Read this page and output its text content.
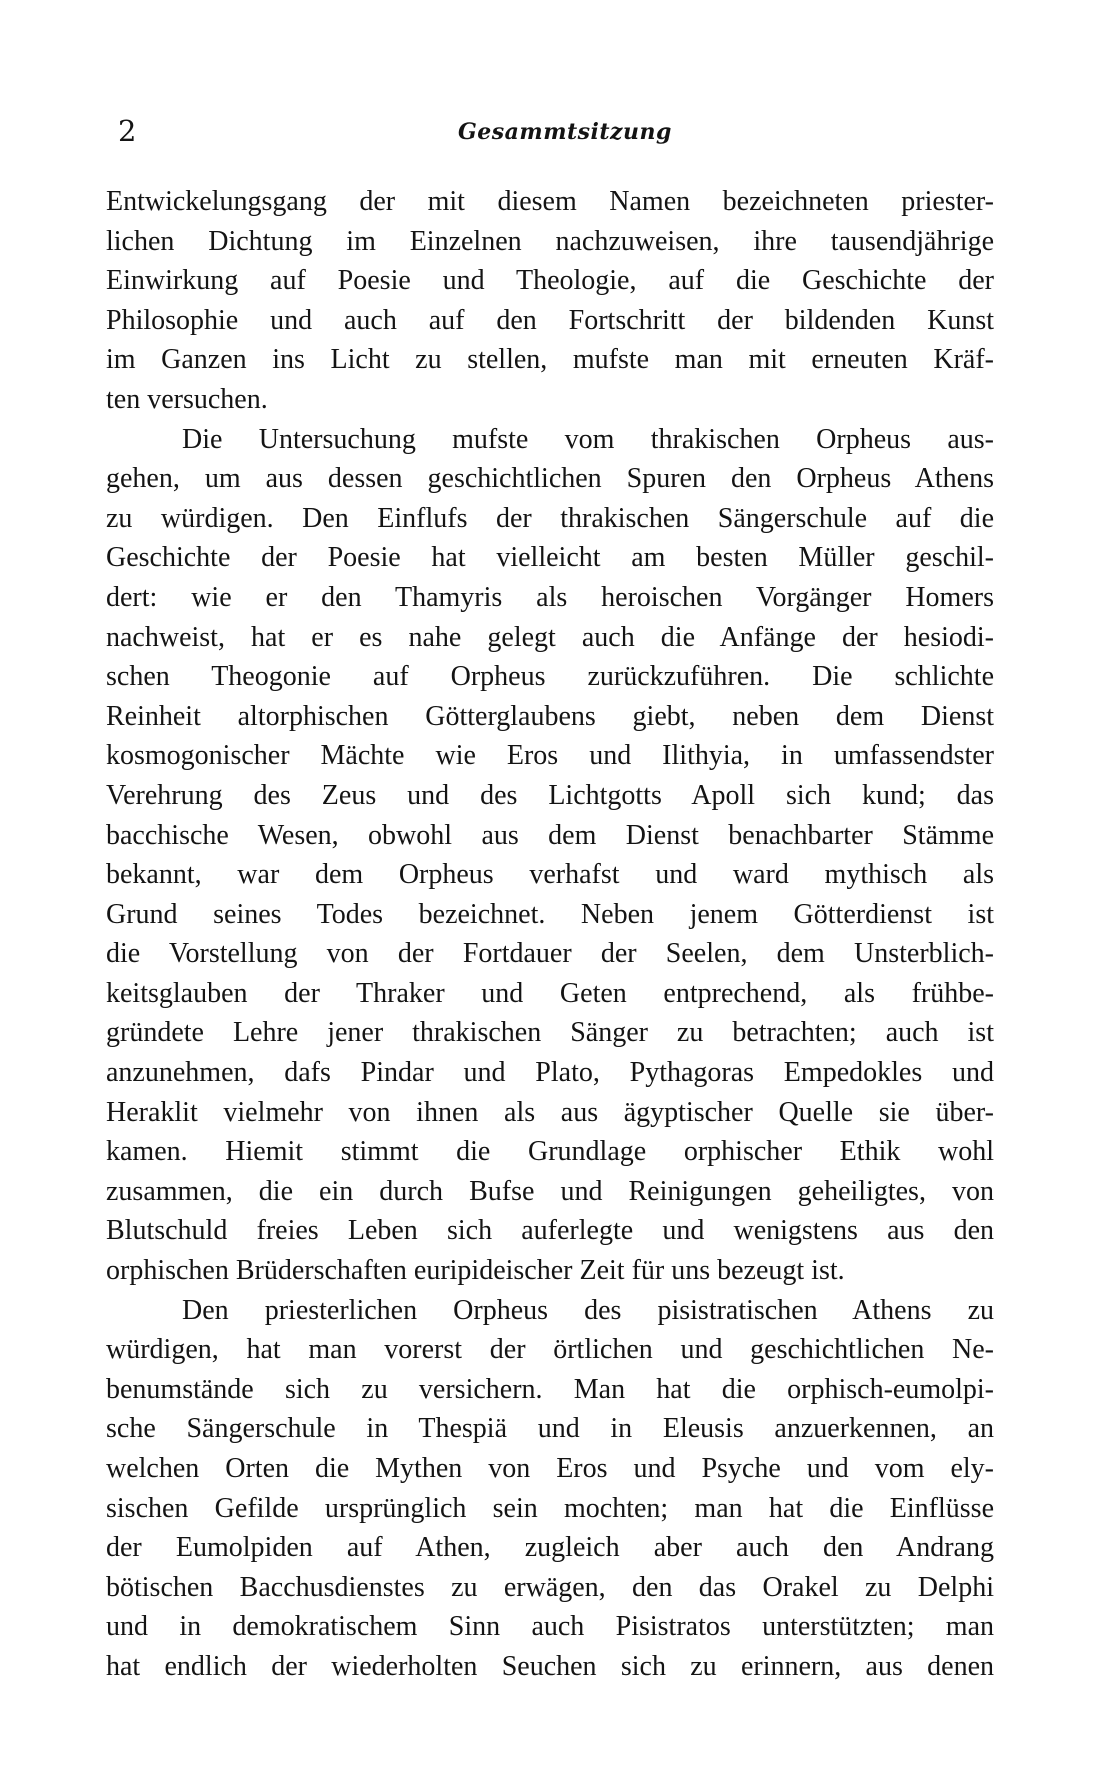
2	Gesammtsitzung
Entwickelungsgang der mit diesem Namen bezeichneten priester-
lichen Dichtung im Einzelnen nachzuweisen, ihre tausendjährige
Einwirkung auf Poesie und Theologie, auf die Geschichte der
Philosophie und auch auf den Fortschritt der bildenden Kunst
im Ganzen ins Licht zu stellen, mufste man mit erneuten Kräf-
ten versuchen.
Die Untersuchung mufste vom thrakischen Orpheus aus-
gehen, um aus dessen geschichtlichen Spuren den Orpheus Athens
zu würdigen. Den Einflufs der thrakischen Sängerschule auf die
Geschichte der Poesie hat vielleicht am besten Müller geschil-
dert: wie er den Thamyris als heroischen Vorgänger Homers
nachweist, hat er es nahe gelegt auch die Anfänge der hesiodi-
schen Theogonie auf Orpheus zurückzuführen. Die schlichte
Reinheit altorphischen Götterglaubens giebt, neben dem Dienst
kosmogonischer Mächte wie Eros und Ilithyia, in umfassendster
Verehrung des Zeus und des Lichtgotts Apoll sich kund; das
bacchische Wesen, obwohl aus dem Dienst benachbarter Stämme
bekannt, war dem Orpheus verhafst und ward mythisch als
Grund seines Todes bezeichnet. Neben jenem Götterdienst ist
die Vorstellung von der Fortdauer der Seelen, dem Unsterblich-
keitsglauben der Thraker und Geten entprechend, als frühbe-
gründete Lehre jener thrakischen Sänger zu betrachten; auch ist
anzunehmen, dafs Pindar und Plato, Pythagoras Empedokles und
Heraklit vielmehr von ihnen als aus ägyptischer Quelle sie über-
kamen. Hiemit stimmt die Grundlage orphischer Ethik wohl
zusammen, die ein durch Bufse und Reinigungen geheiligtes, von
Blutschuld freies Leben sich auferlegte und wenigstens aus den
orphischen Brüderschaften euripideischer Zeit für uns bezeugt ist.
Den priesterlichen Orpheus des pisistratischen Athens zu
würdigen, hat man vorerst der örtlichen und geschichtlichen Ne-
benumstände sich zu versichern. Man hat die orphisch-eumolpi-
sche Sängerschule in Thespiä und in Eleusis anzuerkennen, an
welchen Orten die Mythen von Eros und Psyche und vom ely-
sischen Gefilde ursprünglich sein mochten; man hat die Einflüsse
der Eumolpiden auf Athen, zugleich aber auch den Andrang
bötischen Bacchusdienstes zu erwägen, den das Orakel zu Delphi
und in demokratischem Sinn auch Pisistratos unterstützten; man
hat endlich der wiederholten Seuchen sich zu erinnern, aus denen
